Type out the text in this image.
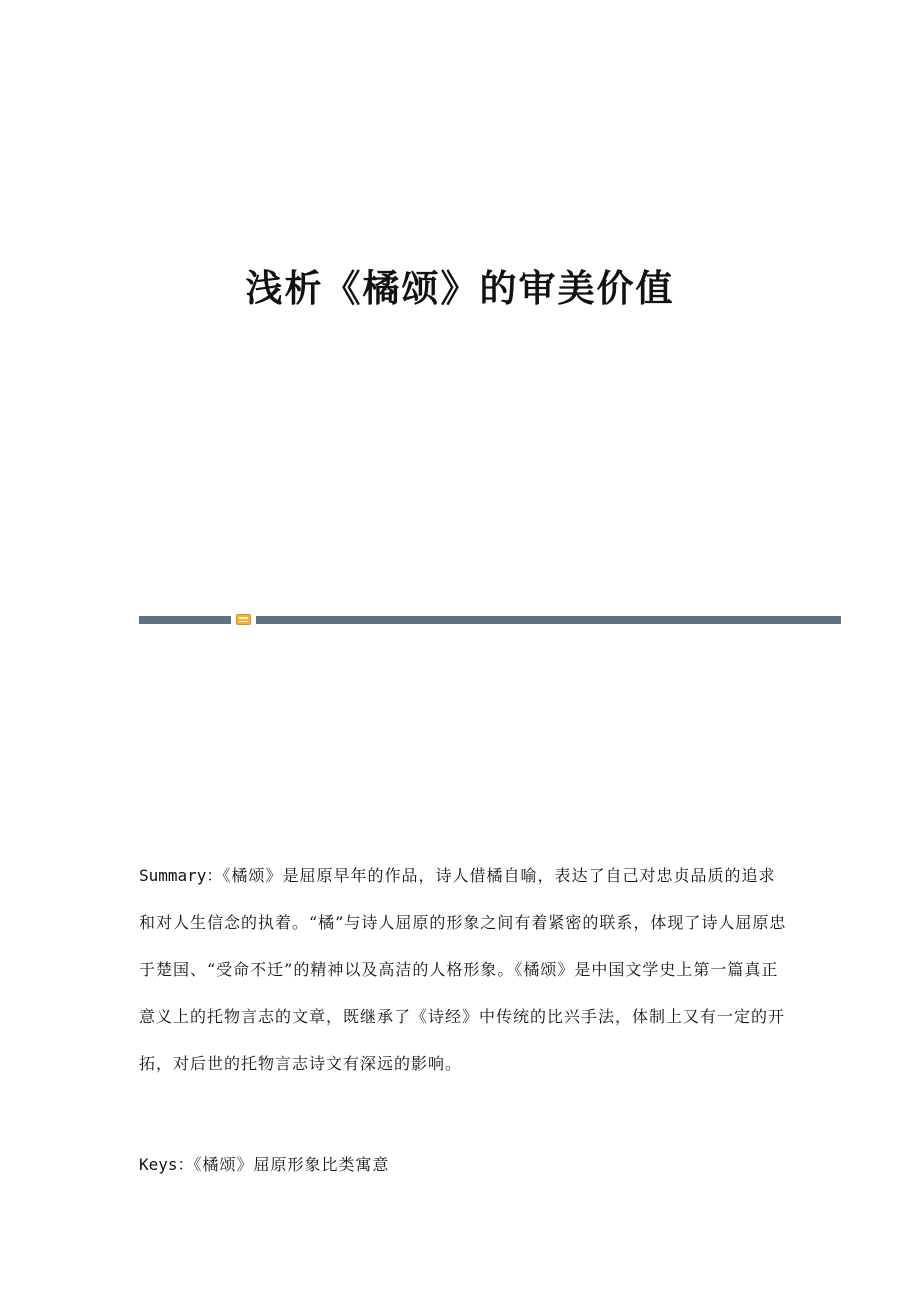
浅析《橘颂》的审美价值

Summary：《橘颂》是屈原早年的作品，诗人借橘自喻，表达了自己对忠贞品质的追求和对人生信念的执着。“橘”与诗人屈原的形象之间有着紧密的联系，体现了诗人屈原忠于楚国、“受命不迁”的精神以及高洁的人格形象。《橘颂》是中国文学史上第一篇真正意义上的托物言志的文章，既继承了《诗经》中传统的比兴手法，体制上又有一定的开拓，对后世的托物言志诗文有深远的影响。

Keys：《橘颂》屈原形象比类寓意
